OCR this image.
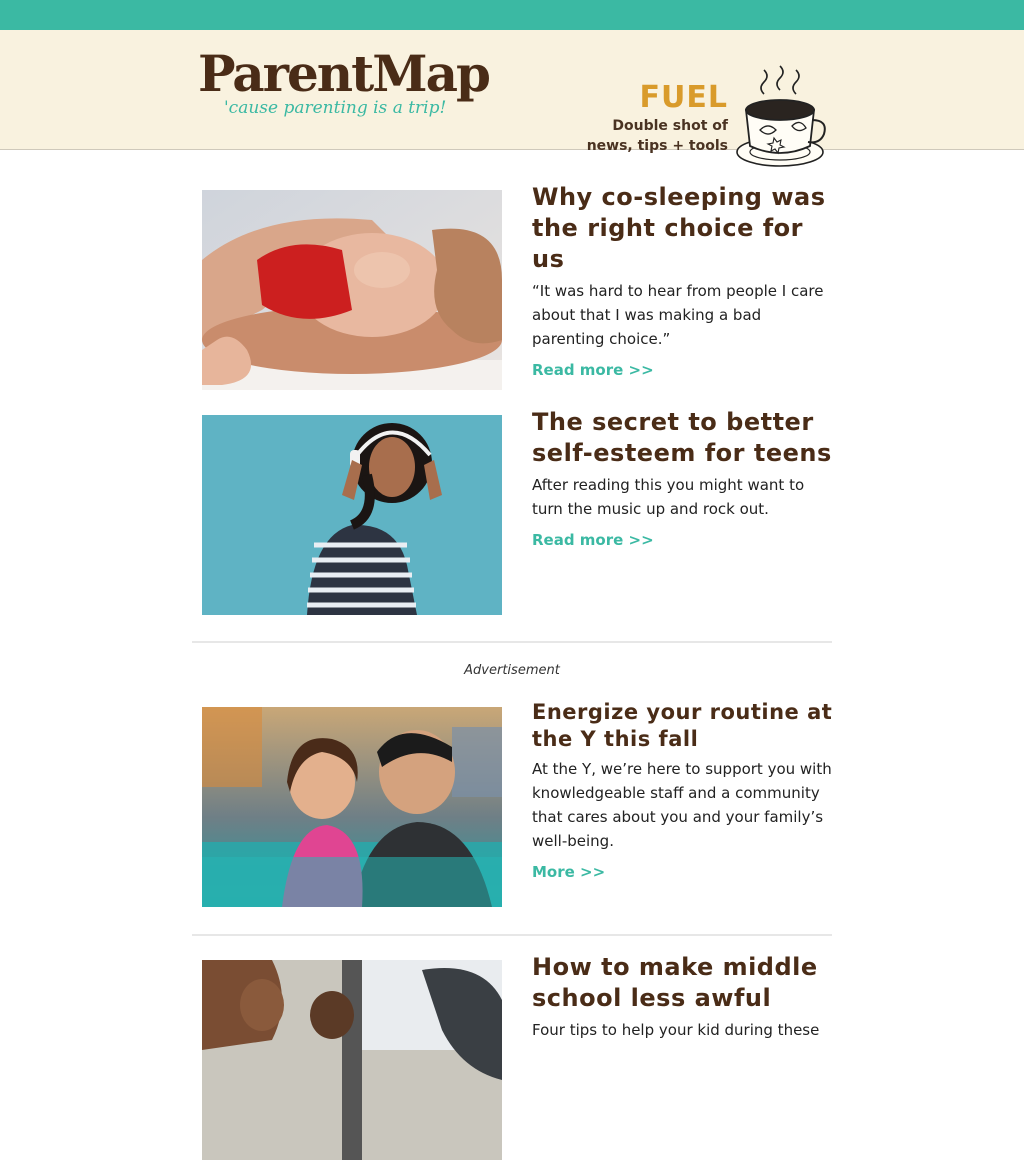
ParentMap
'cause parenting is a trip!	FUEL
Double shot of
news, tips + tools
Why co-sleeping was the right choice for us
“It was hard to hear from people I care about that I was making a bad parenting choice.”
Read more >>
The secret to better self-esteem for teens
After reading this you might want to turn the music up and rock out.
Read more >>
Advertisement
Energize your routine at the Y this fall
At the Y, we’re here to support you with knowledgeable staff and a community that cares about you and your family’s well-being.
More >>
How to make middle school less awful
Four tips to help your kid during these
